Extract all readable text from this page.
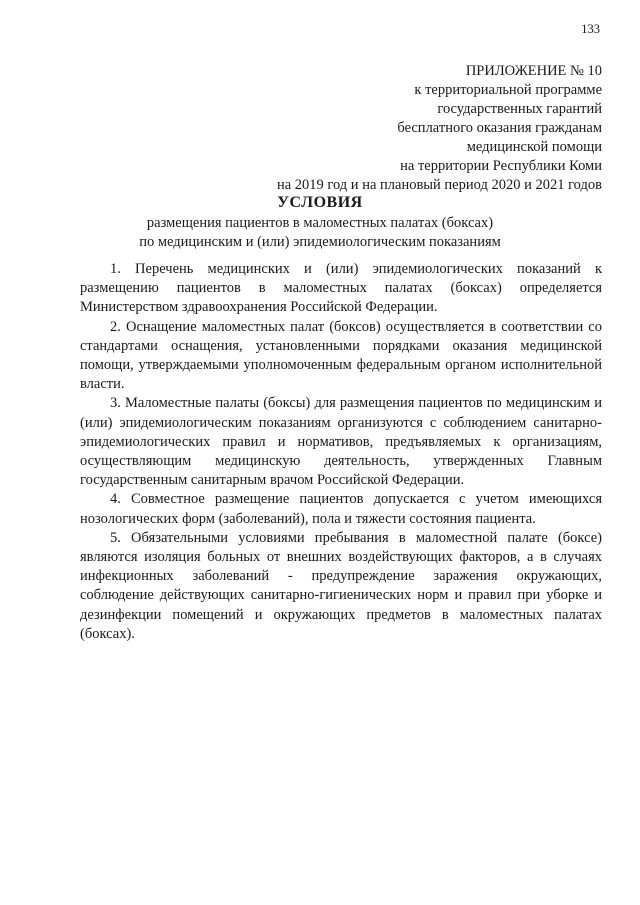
133
ПРИЛОЖЕНИЕ № 10
к территориальной программе
государственных гарантий
бесплатного оказания гражданам
медицинской помощи
на территории Республики Коми
на 2019 год и на плановый период 2020 и 2021 годов
УСЛОВИЯ
размещения пациентов в маломестных палатах (боксах)
по медицинским и (или) эпидемиологическим показаниям

1. Перечень медицинских и (или) эпидемиологических показаний к размещению пациентов в маломестных палатах (боксах) определяется Министерством здравоохранения Российской Федерации.

2. Оснащение маломестных палат (боксов) осуществляется в соответствии со стандартами оснащения, установленными порядками оказания медицинской помощи, утверждаемыми уполномоченным федеральным органом исполнительной власти.

3. Маломестные палаты (боксы) для размещения пациентов по медицинским и (или) эпидемиологическим показаниям организуются с соблюдением санитарно-эпидемиологических правил и нормативов, предъявляемых к организациям, осуществляющим медицинскую деятельность, утвержденных Главным государственным санитарным врачом Российской Федерации.

4. Совместное размещение пациентов допускается с учетом имеющихся нозологических форм (заболеваний), пола и тяжести состояния пациента.

5. Обязательными условиями пребывания в маломестной палате (боксе) являются изоляция больных от внешних воздействующих факторов, а в случаях инфекционных заболеваний - предупреждение заражения окружающих, соблюдение действующих санитарно-гигиенических норм и правил при уборке и дезинфекции помещений и окружающих предметов в маломестных палатах (боксах).
